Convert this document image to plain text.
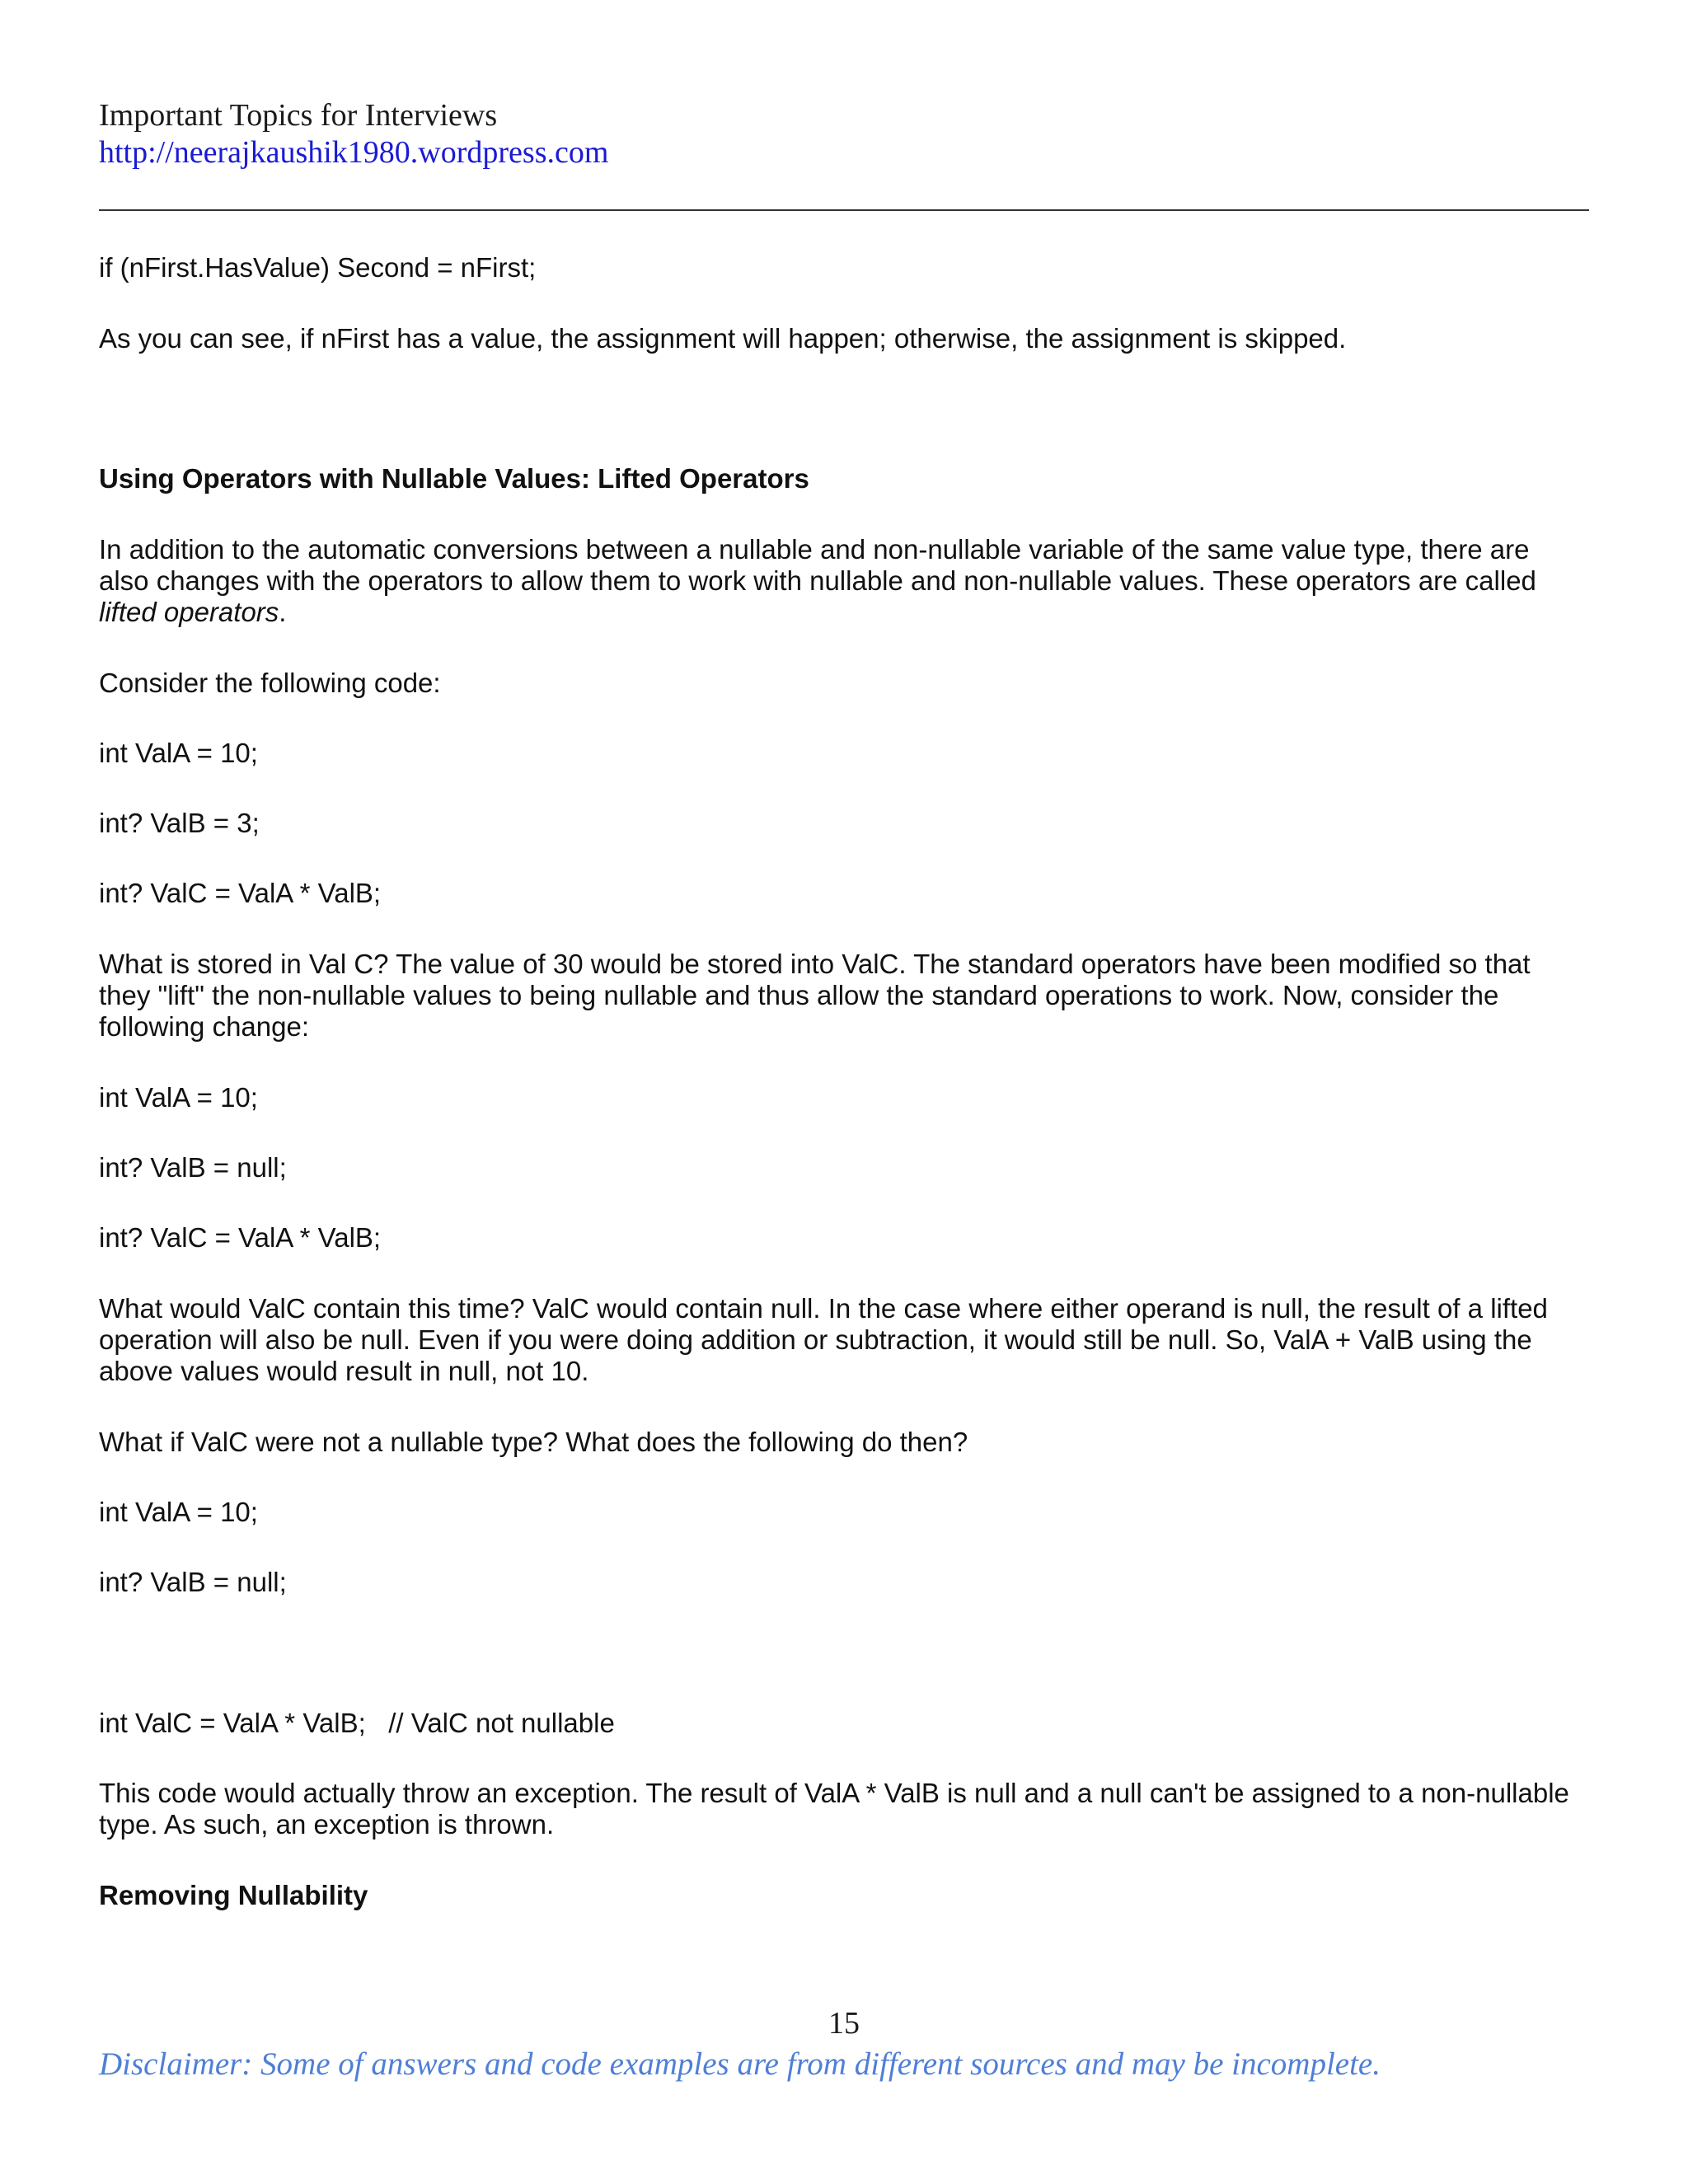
Important Topics for Interviews
http://neerajkaushik1980.wordpress.com

if (nFirst.HasValue) Second = nFirst;

As you can see, if nFirst has a value, the assignment will happen; otherwise, the assignment is skipped.

Using Operators with Nullable Values: Lifted Operators

In addition to the automatic conversions between a nullable and non-nullable variable of the same value type, there are also changes with the operators to allow them to work with nullable and non-nullable values. These operators are called lifted operators.

Consider the following code:

int ValA = 10;

int? ValB = 3;

int? ValC = ValA * ValB;

What is stored in Val C? The value of 30 would be stored into ValC. The standard operators have been modified so that they "lift" the non-nullable values to being nullable and thus allow the standard operations to work. Now, consider the following change:

int ValA = 10;

int? ValB = null;

int? ValC = ValA * ValB;

What would ValC contain this time? ValC would contain null. In the case where either operand is null, the result of a lifted operation will also be null. Even if you were doing addition or subtraction, it would still be null. So, ValA + ValB using the above values would result in null, not 10.

What if ValC were not a nullable type? What does the following do then?

int ValA = 10;

int? ValB = null;

int ValC = ValA * ValB;   // ValC not nullable

This code would actually throw an exception. The result of ValA * ValB is null and a null can't be assigned to a non-nullable type. As such, an exception is thrown.

Removing Nullability

15
Disclaimer: Some of answers and code examples are from different sources and may be incomplete.
